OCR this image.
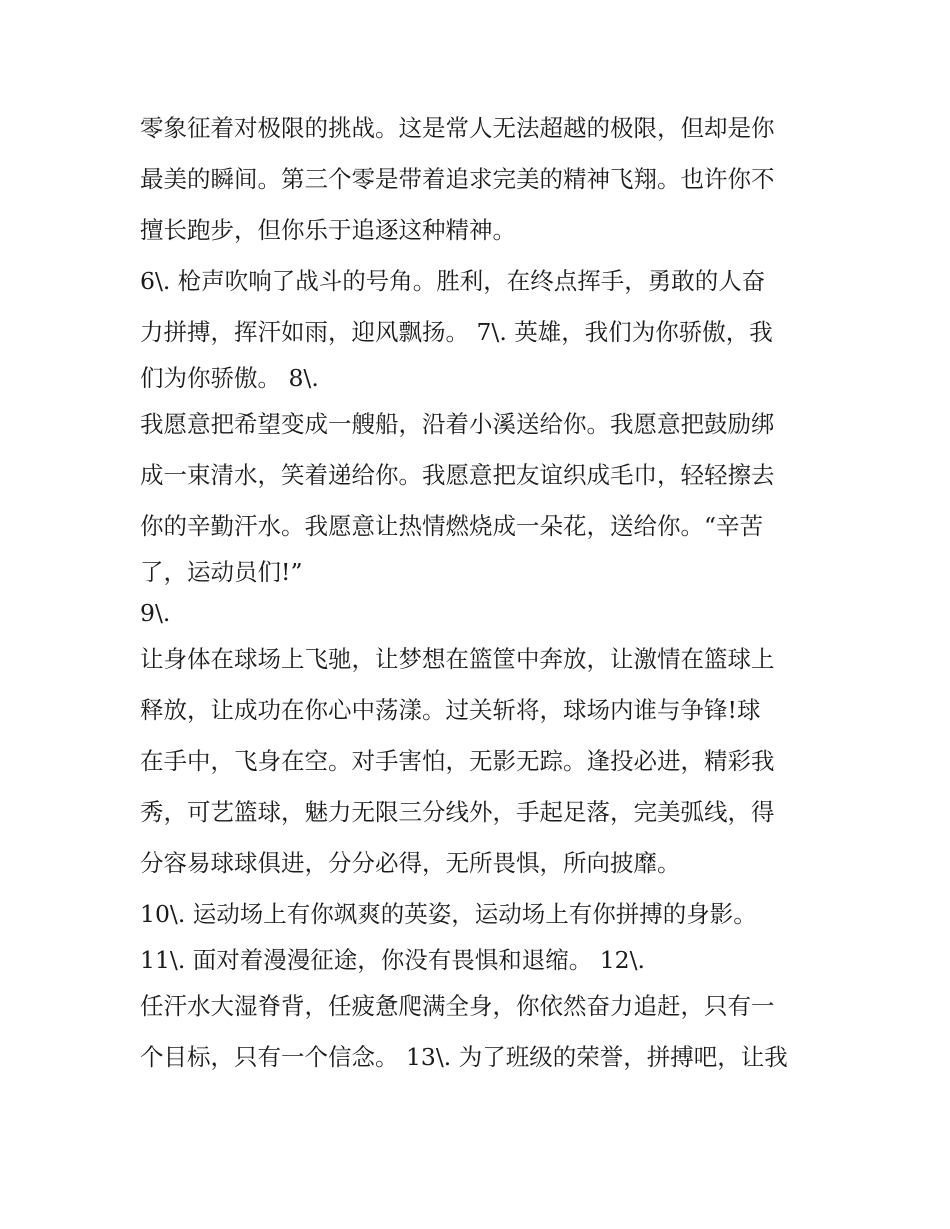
零象征着对极限的挑战。这是常人无法超越的极限，但却是你
最美的瞬间。第三个零是带着追求完美的精神飞翔。也许你不
擅长跑步，但你乐于追逐这种精神。
6\. 枪声吹响了战斗的号角。胜利，在终点挥手，勇敢的人奋
力拼搏，挥汗如雨，迎风飘扬。 7\. 英雄，我们为你骄傲，我
们为你骄傲。 8\.
我愿意把希望变成一艘船，沿着小溪送给你。我愿意把鼓励绑
成一束清水，笑着递给你。我愿意把友谊织成毛巾，轻轻擦去
你的辛勤汗水。我愿意让热情燃烧成一朵花，送给你。“辛苦
了，运动员们!”
9\.
让身体在球场上飞驰，让梦想在篮筐中奔放，让激情在篮球上
释放，让成功在你心中荡漾。过关斩将，球场内谁与争锋!球
在手中，飞身在空。对手害怕，无影无踪。逢投必进，精彩我
秀，可艺篮球，魅力无限三分线外，手起足落，完美弧线，得
分容易球球俱进，分分必得，无所畏惧，所向披靡。
10\. 运动场上有你飒爽的英姿，运动场上有你拼搏的身影。
11\. 面对着漫漫征途，你没有畏惧和退缩。 12\.
任汗水大湿脊背，任疲惫爬满全身，你依然奋力追赶，只有一
个目标，只有一个信念。 13\. 为了班级的荣誉，拼搏吧，让我
